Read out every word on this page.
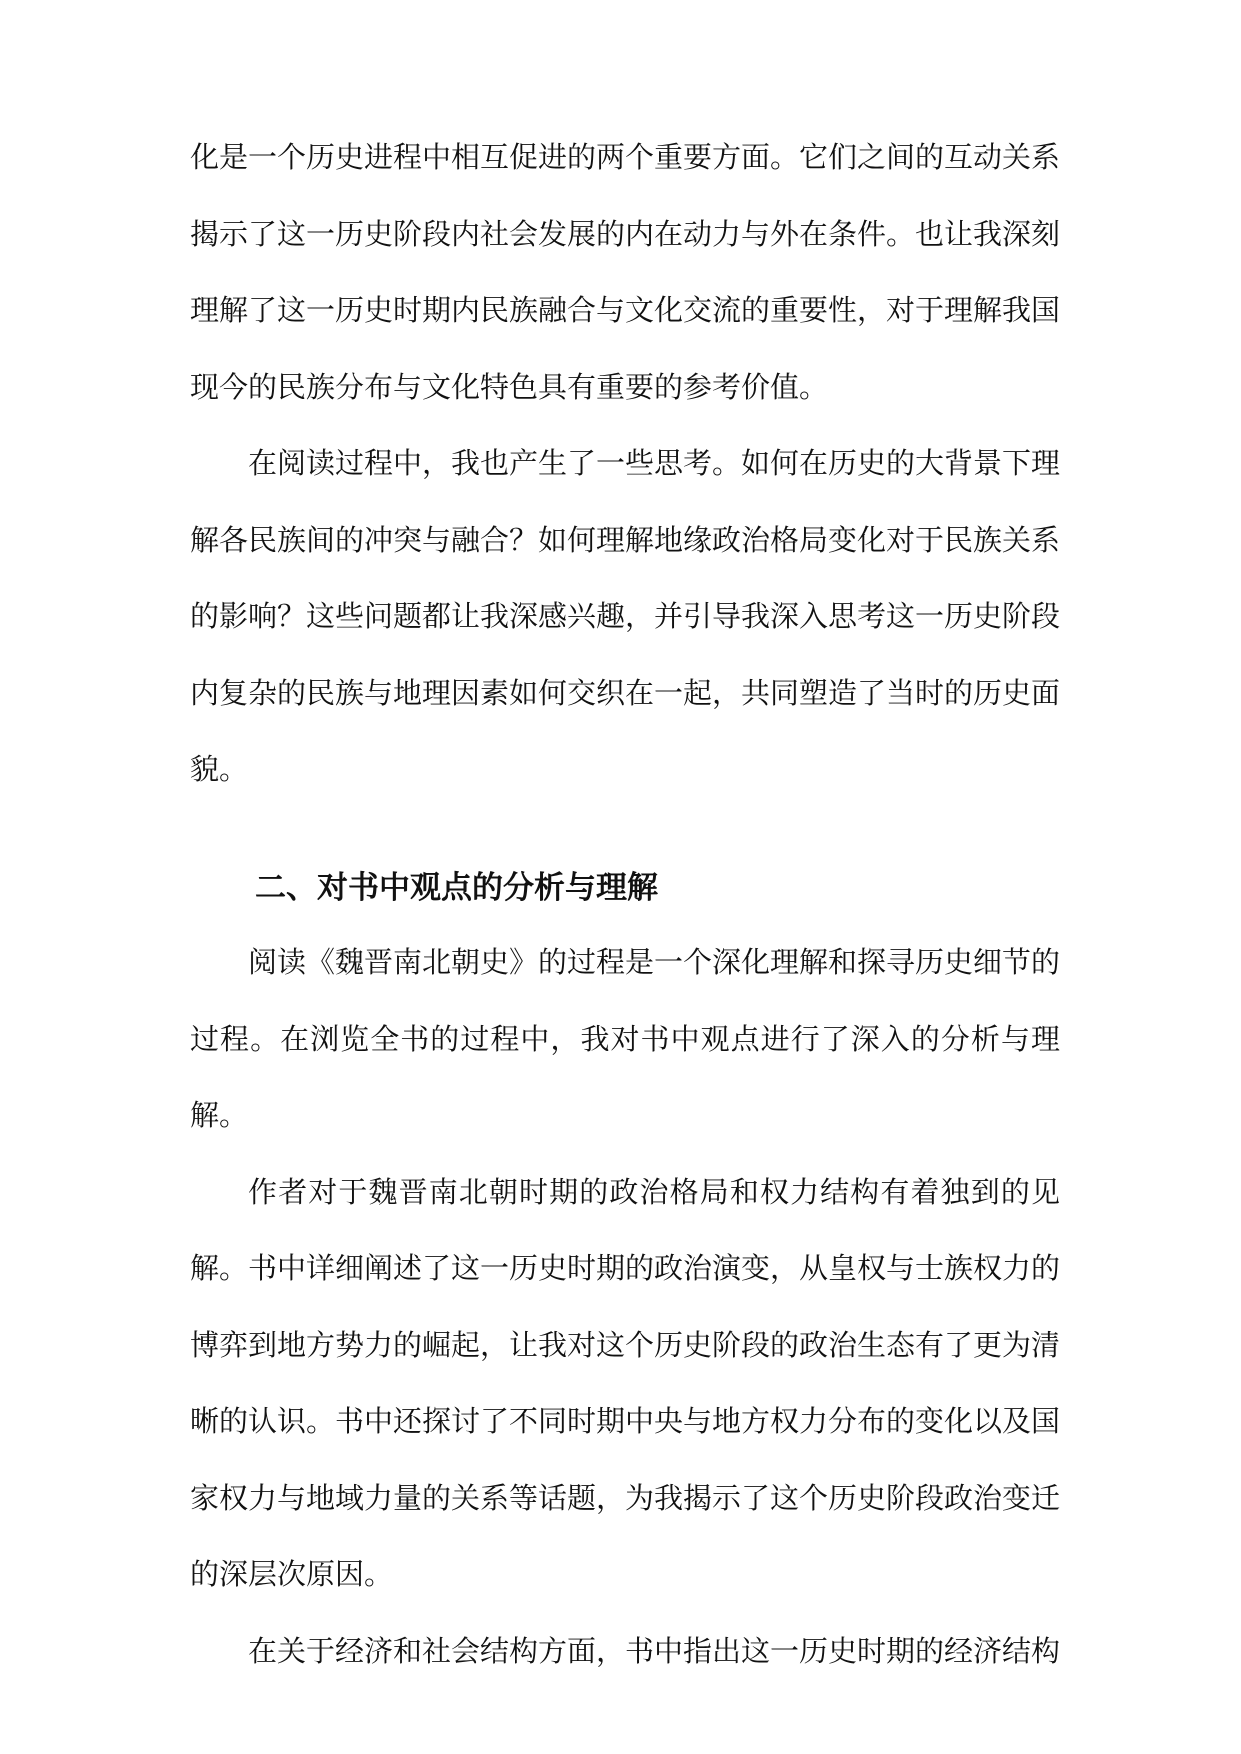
化是一个历史进程中相互促进的两个重要方面。它们之间的互动关系揭示了这一历史阶段内社会发展的内在动力与外在条件。也让我深刻理解了这一历史时期内民族融合与文化交流的重要性，对于理解我国现今的民族分布与文化特色具有重要的参考价值。

在阅读过程中，我也产生了一些思考。如何在历史的大背景下理解各民族间的冲突与融合？如何理解地缘政治格局变化对于民族关系的影响？这些问题都让我深感兴趣，并引导我深入思考这一历史阶段内复杂的民族与地理因素如何交织在一起，共同塑造了当时的历史面貌。

二、对书中观点的分析与理解

阅读《魏晋南北朝史》的过程是一个深化理解和探寻历史细节的过程。在浏览全书的过程中，我对书中观点进行了深入的分析与理解。

作者对于魏晋南北朝时期的政治格局和权力结构有着独到的见解。书中详细阐述了这一历史时期的政治演变，从皇权与士族权力的博弈到地方势力的崛起，让我对这个历史阶段的政治生态有了更为清晰的认识。书中还探讨了不同时期中央与地方权力分布的变化以及国家权力与地域力量的关系等话题，为我揭示了这个历史阶段政治变迁的深层次原因。

在关于经济和社会结构方面，书中指出这一历史时期的经济结构
